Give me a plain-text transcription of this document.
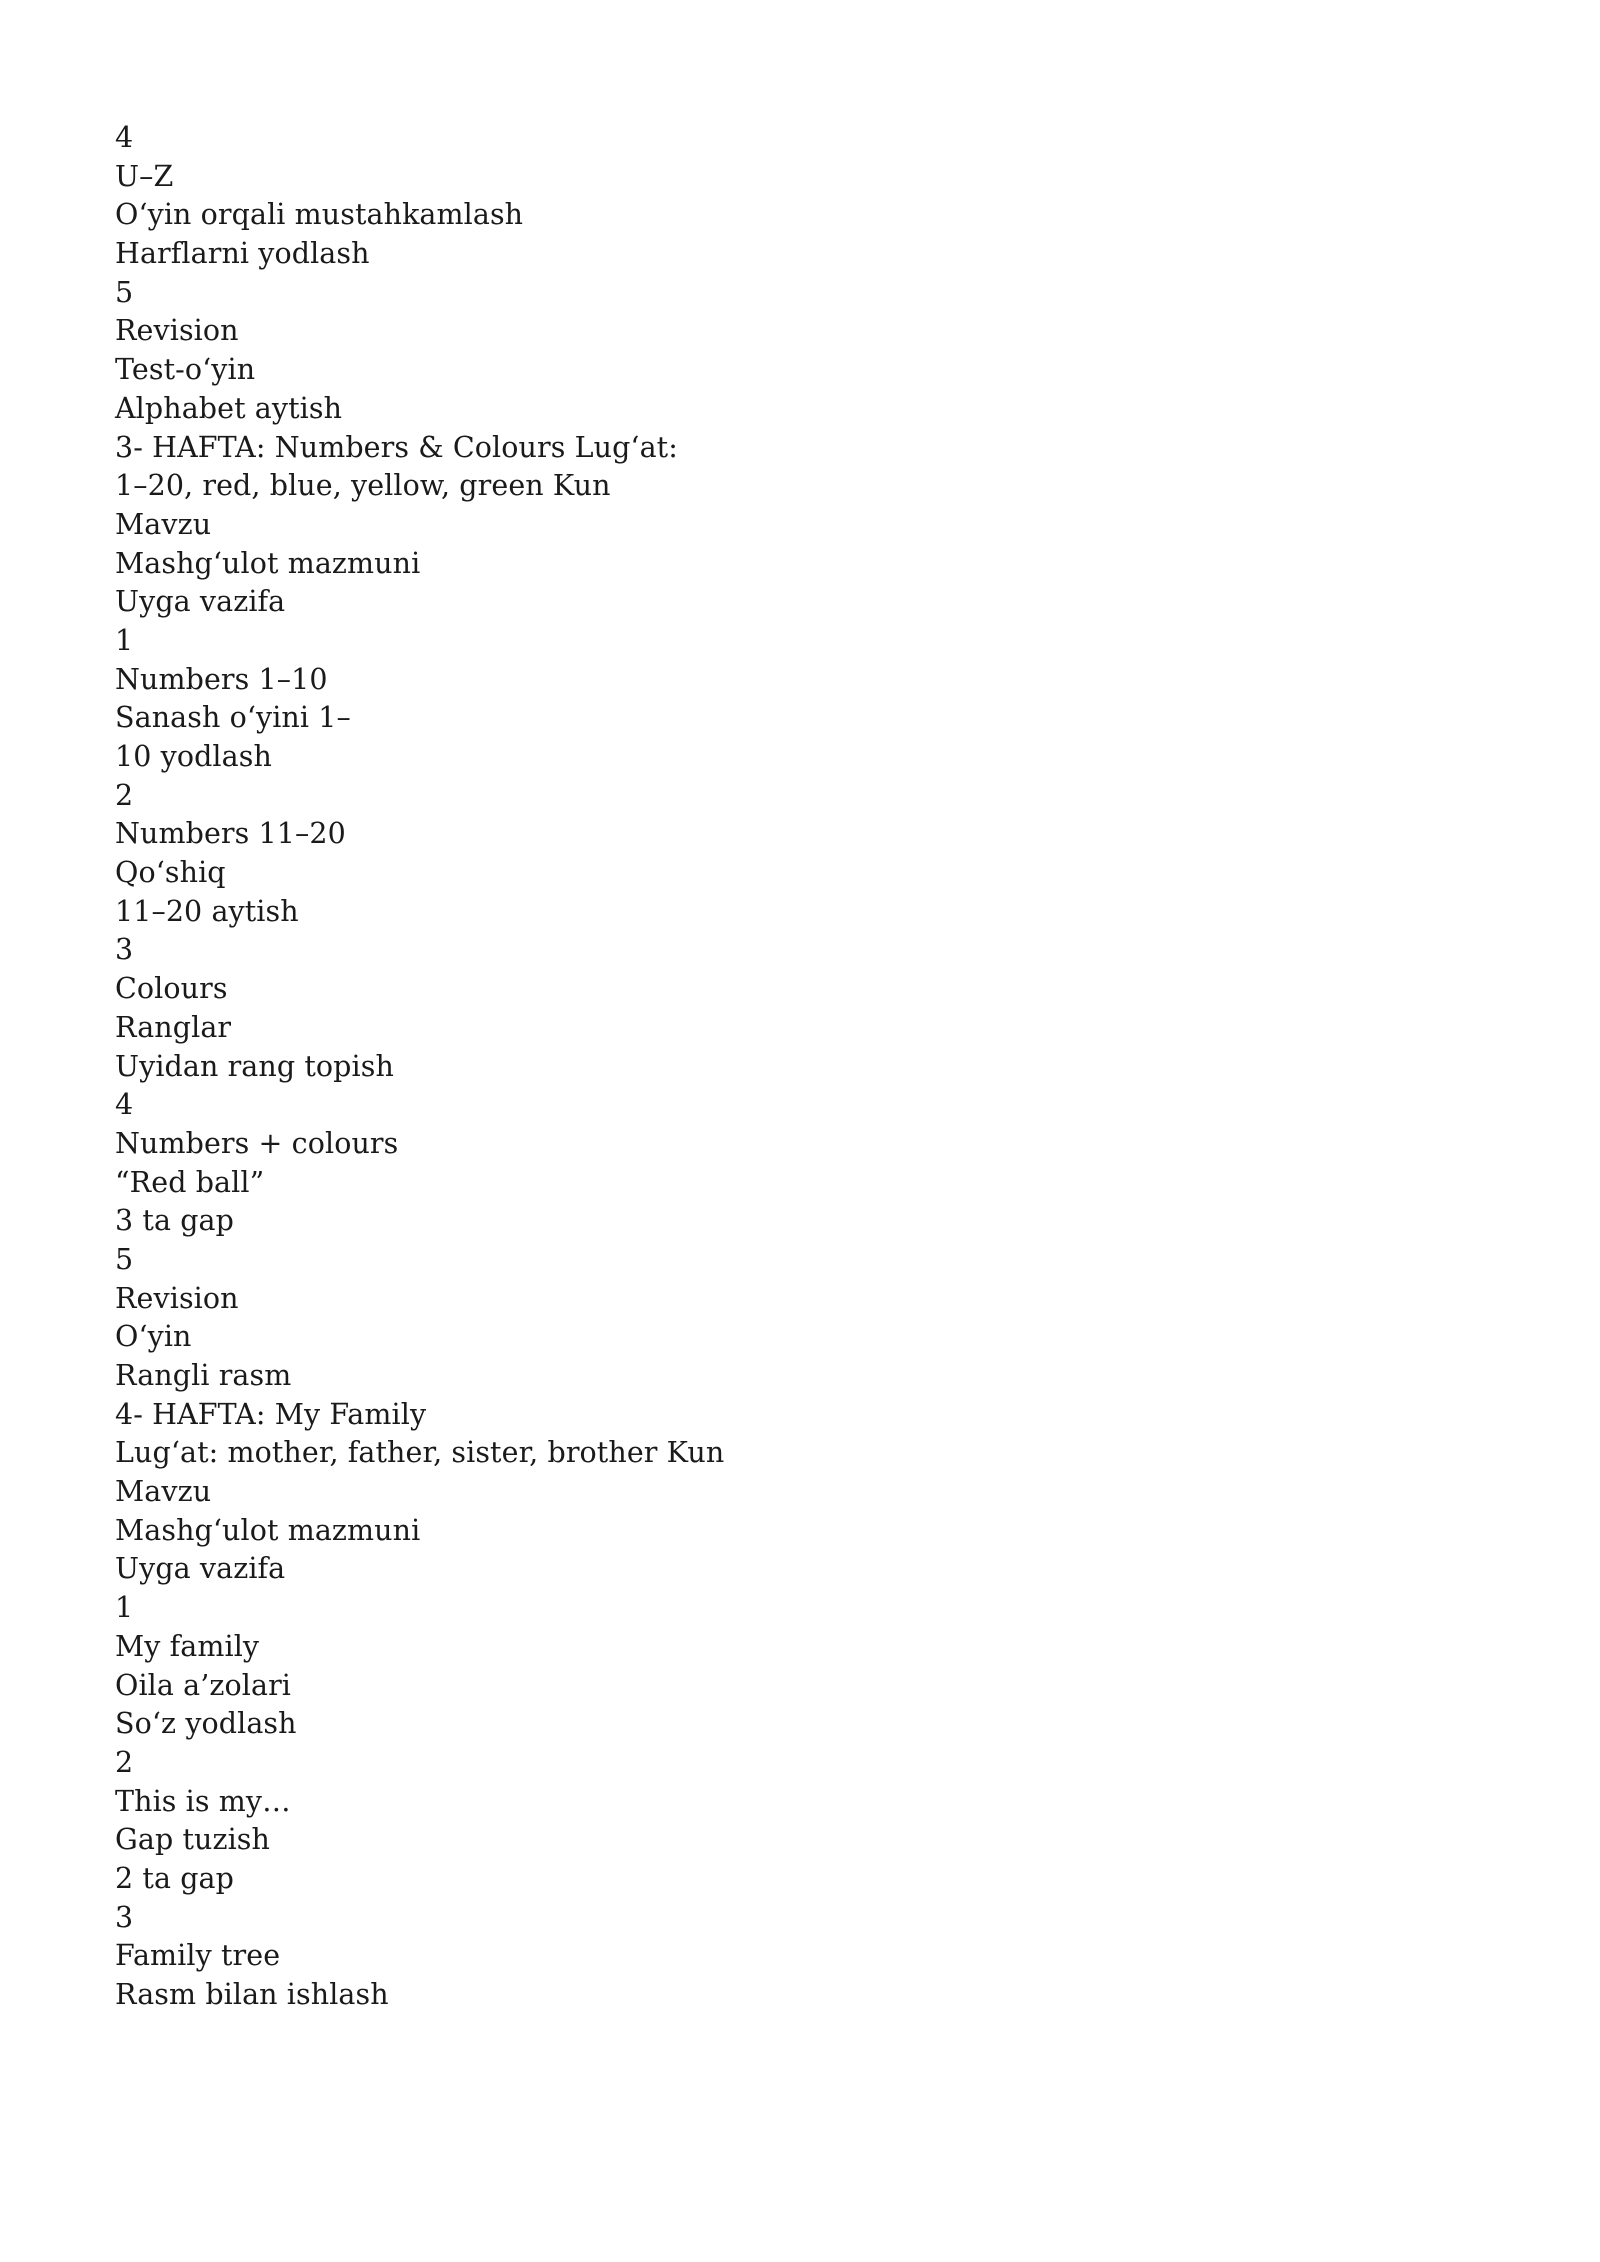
4
U–Z
O‘yin orqali mustahkamlash
Harflarni yodlash
5
Revision
Test-o‘yin
Alphabet aytish
3- HAFTA: Numbers & Colours Lug‘at:
1–20, red, blue, yellow, green Kun
Mavzu
Mashg‘ulot mazmuni
Uyga vazifa
1
Numbers 1–10
Sanash o‘yini 1–
10 yodlash
2
Numbers 11–20
Qo‘shiq
11–20 aytish
3
Colours
Ranglar
Uyidan rang topish
4
Numbers + colours
“Red ball”
3 ta gap
5
Revision
O‘yin
Rangli rasm
4- HAFTA: My Family
Lug‘at: mother, father, sister, brother Kun
Mavzu
Mashg‘ulot mazmuni
Uyga vazifa
1
My family
Oila a’zolari
So‘z yodlash
2
This is my…
Gap tuzish
2 ta gap
3
Family tree
Rasm bilan ishlash
